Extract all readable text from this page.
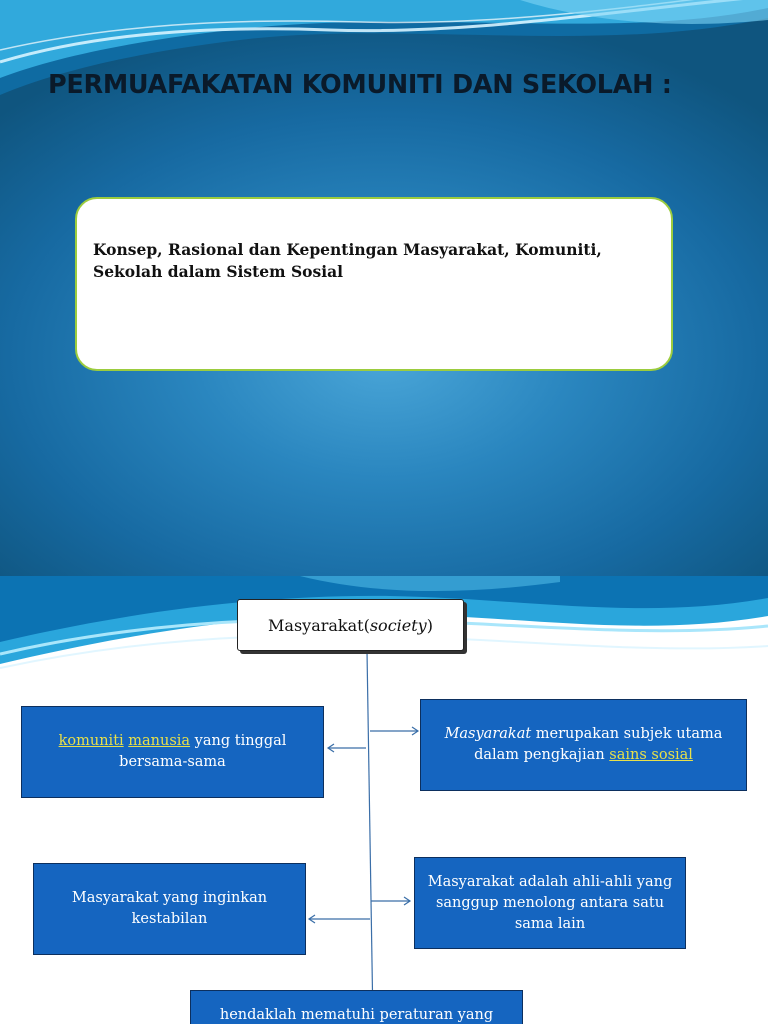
PERMUAFAKATAN KOMUNITI DAN SEKOLAH :

Konsep, Rasional dan Kepentingan Masyarakat, Komuniti, Sekolah dalam Sistem Sosial

Masyarakat ( society )
komuniti manusia yang tinggal bersama-sama
Masyarakat merupakan subjek utama dalam pengkajian sains sosial
Masyarakat yang inginkan kestabilan
Masyarakat adalah ahli-ahli yang sanggup menolong antara satu sama lain
hendaklah mematuhi peraturan yang
